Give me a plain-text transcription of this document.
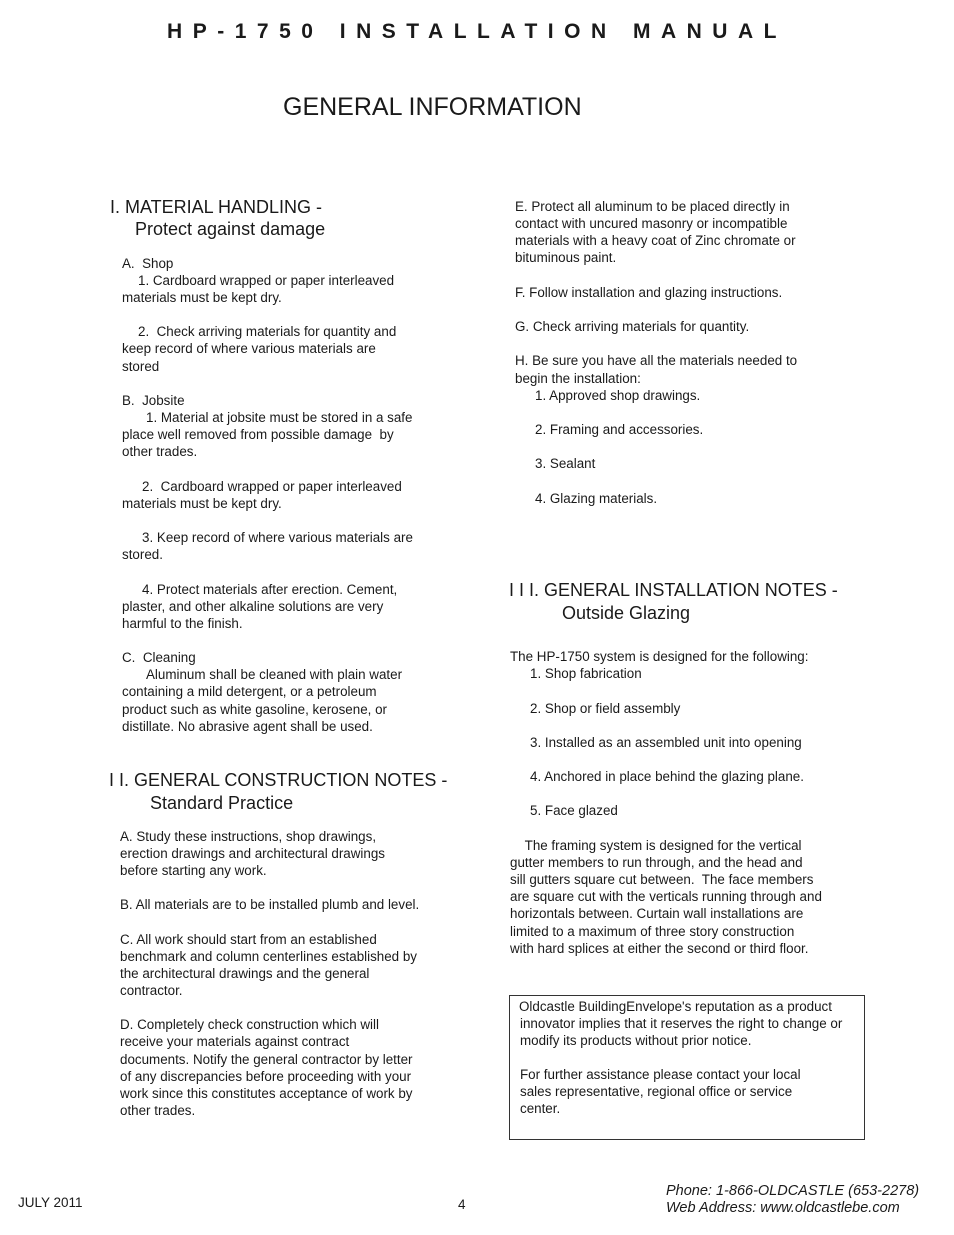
HP-1750 INSTALLATION MANUAL
GENERAL INFORMATION
I. MATERIAL HANDLING -
Protect against damage
A.  Shop
1. Cardboard wrapped or paper interleaved
materials must be kept dry.
2.  Check arriving materials for quantity and
keep record of where various materials are
stored
B.  Jobsite
1. Material at jobsite must be stored in a safe
place well removed from possible damage  by
other trades.
2.  Cardboard wrapped or paper interleaved
materials must be kept dry.
3. Keep record of where various materials are
stored.
4. Protect materials after erection. Cement,
plaster, and other alkaline solutions are very
harmful to the finish.
C.  Cleaning
Aluminum shall be cleaned with plain water
containing a mild detergent, or a petroleum
product such as white gasoline, kerosene, or
distillate. No abrasive agent shall be used.
I I. GENERAL CONSTRUCTION NOTES -
Standard Practice
A. Study these instructions, shop drawings,
erection drawings and architectural drawings
before starting any work.
B. All materials are to be installed plumb and level.
C. All work should start from an established
benchmark and column centerlines established by
the architectural drawings and the general
contractor.
D. Completely check construction which will
receive your materials against contract
documents. Notify the general contractor by letter
of any discrepancies before proceeding with your
work since this constitutes acceptance of work by
other trades.
E. Protect all aluminum to be placed directly in
contact with uncured masonry or incompatible
materials with a heavy coat of Zinc chromate or
bituminous paint.
F. Follow installation and glazing instructions.
G. Check arriving materials for quantity.
H. Be sure you have all the materials needed to
begin the installation:
1. Approved shop drawings.
2. Framing and accessories.
3. Sealant
4. Glazing materials.
I I I. GENERAL INSTALLATION NOTES -
Outside Glazing
The HP-1750 system is designed for the following:
1. Shop fabrication
2. Shop or field assembly
3. Installed as an assembled unit into opening
4. Anchored in place behind the glazing plane.
5. Face glazed
The framing system is designed for the vertical
gutter members to run through, and the head and
sill gutters square cut between.  The face members
are square cut with the verticals running through and
horizontals between. Curtain wall installations are
limited to a maximum of three story construction
with hard splices at either the second or third floor.
Oldcastle BuildingEnvelope's reputation as a product
innovator implies that it reserves the right to change or
modify its products without prior notice.
For further assistance please contact your local
sales representative, regional office or service
center.
JULY 2011	4
Phone: 1-866-OLDCASTLE (653-2278)
Web Address: www.oldcastlebe.com
